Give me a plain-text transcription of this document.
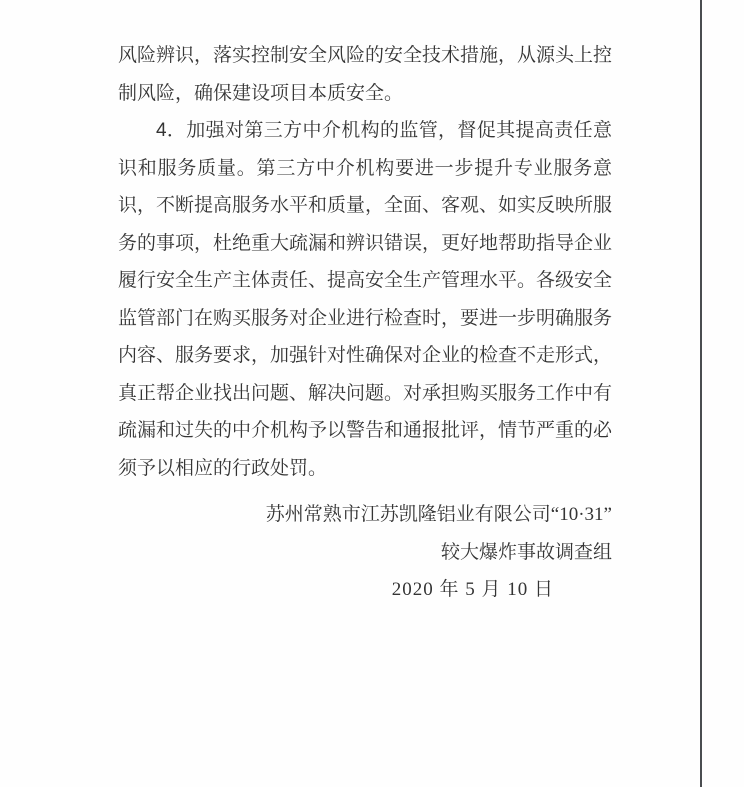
风险辨识，落实控制安全风险的安全技术措施，从源头上控
制风险，确保建设项目本质安全。
4．加强对第三方中介机构的监管，督促其提高责任意
识和服务质量。第三方中介机构要进一步提升专业服务意
识，不断提高服务水平和质量，全面、客观、如实反映所服
务的事项，杜绝重大疏漏和辨识错误，更好地帮助指导企业
履行安全生产主体责任、提高安全生产管理水平。各级安全
监管部门在购买服务对企业进行检查时，要进一步明确服务
内容、服务要求，加强针对性确保对企业的检查不走形式，
真正帮企业找出问题、解决问题。对承担购买服务工作中有
疏漏和过失的中介机构予以警告和通报批评，情节严重的必
须予以相应的行政处罚。
苏州常熟市江苏凯隆铝业有限公司“10·31”
较大爆炸事故调查组
2020 年 5 月 10 日
